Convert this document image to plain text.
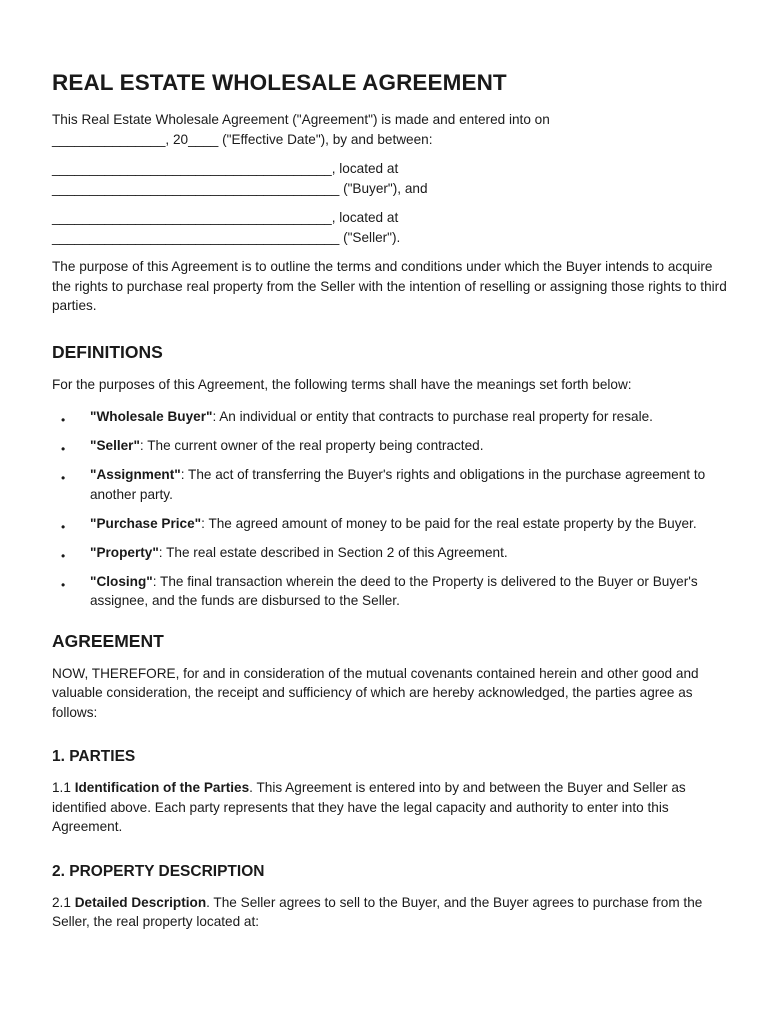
REAL ESTATE WHOLESALE AGREEMENT

This Real Estate Wholesale Agreement ("Agreement") is made and entered into on
_______________, 20____ ("Effective Date"), by and between:

_____________________________________, located at
______________________________________ ("Buyer"), and

_____________________________________, located at
______________________________________ ("Seller").

The purpose of this Agreement is to outline the terms and conditions under which the Buyer intends to acquire the rights to purchase real property from the Seller with the intention of reselling or assigning those rights to third parties.

DEFINITIONS

For the purposes of this Agreement, the following terms shall have the meanings set forth below:

• "Wholesale Buyer": An individual or entity that contracts to purchase real property for resale.
• "Seller": The current owner of the real property being contracted.
• "Assignment": The act of transferring the Buyer's rights and obligations in the purchase agreement to another party.
• "Purchase Price": The agreed amount of money to be paid for the real estate property by the Buyer.
• "Property": The real estate described in Section 2 of this Agreement.
• "Closing": The final transaction wherein the deed to the Property is delivered to the Buyer or Buyer's assignee, and the funds are disbursed to the Seller.
AGREEMENT

NOW, THEREFORE, for and in consideration of the mutual covenants contained herein and other good and valuable consideration, the receipt and sufficiency of which are hereby acknowledged, the parties agree as follows:

1. PARTIES

1.1 Identification of the Parties. This Agreement is entered into by and between the Buyer and Seller as identified above. Each party represents that they have the legal capacity and authority to enter into this Agreement.

2. PROPERTY DESCRIPTION

2.1 Detailed Description. The Seller agrees to sell to the Buyer, and the Buyer agrees to purchase from the Seller, the real property located at:
